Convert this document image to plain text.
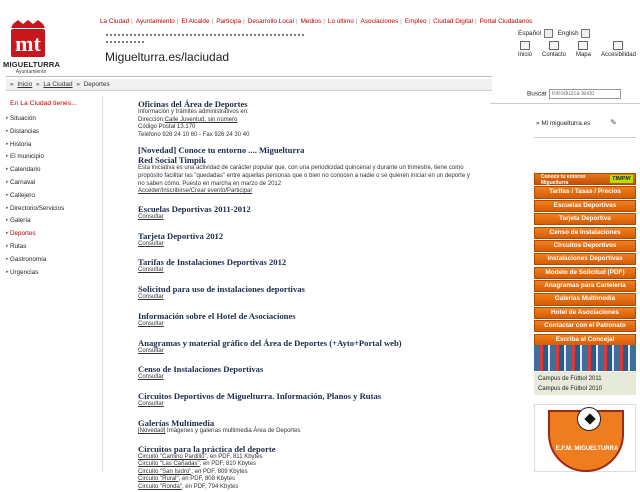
mt
MIGUELTURRA
Ayuntamiento
La Ciudad | Ayuntamiento | El Alcalde | Participa | Desarrollo Local | Medios | Lo último | Asociaciones | Empleo | Ciudad Digital | Portal Ciudadanos
Miguelturra.es/laciudad
Español	English
Inicio Contacto Mapa Accesibilidad
» Inicio » La Ciudad » Deportes
En La Ciudad tienes...
▸ Situación
▸ Distancias
▸ Historia
▸ El municipio
▸ Calendario
▸ Carnaval
▸ Callejero
▸ Directorio/Servicios
▸ Galería
▸ Deportes
▸ Rutas
▸ Gastronomía
▸ Urgencias
Oficinas del Área de Deportes
Información y trámites administrativos en:
Dirección:Calle Juventud, sin número
Código Postal 13.170
Teléfono 926 24 10 60 - Fax 926 24 30 40
[Novedad] Conoce tu entorno .... Miguelturra
Red Social Timpik
Esta iniciativa es una actividad de carácter popular que, con una periodicidad quincenal y durante un trimestre, tiene como propósito facilitar las "quedadas" entre aquellas personas que o bien no conocen a nadie o se quieren iniciar en un deporte y no saben cómo. Puesto en marcha en marzo de 2012
Acceder/Inscribirse/Crear evento/Participar
Escuelas Deportivas 2011-2012
Consultar
Tarjeta Deportiva 2012
Consultar
Tarifas de Instalaciones Deportivas 2012
Consultar
Solicitud para uso de instalaciones deportivas
Consultar
Información sobre el Hotel de Asociaciones
Consultar
Anagramas y material gráfico del Área de Deportes (+Ayto+Portal web)
Consultar
Censo de Instalaciones Deportivas
Consultar
Circuitos Deportivos de Miguelturra. Información, Planos y Rutas
Consultar
Galerías Multimedia
[Novedad] Imágenes y galerías multimedia Área de Deportes
Circuitos para la práctica del deporte
Circuito "Camino Pardillo", en PDF, 811 Kbytes
Circuito "Las Cañadas", en PDF, 810 Kbytes
Circuito "San Isidro", en PDF, 809 Kbytes
Circuito "Rural", en PDF, 808 Kbytes
Circuito "Ronda", en PDF, 794 Kbytes
Buscar Introduzca texto
» Mi miguelturra.es ✎
Conoce tu entorno
Miguelturra
TIMPIK
Tarifas / Tasas / Precios
Escuelas Deportivas
Tarjeta Deportiva
Censo de Instalaciones
Circuitos Deportivos
Instalaciones Deportivas
Modelo de Solicitud (PDF)
Anagramas para Cartelería
Galerías Multimedia
Hotel de Asociaciones
Contactar con el Patronato
Escriba al Concejal
Campus de Fútbol 2011
Campus de Fútbol 2010
E.F.M. MIGUELTURRA
